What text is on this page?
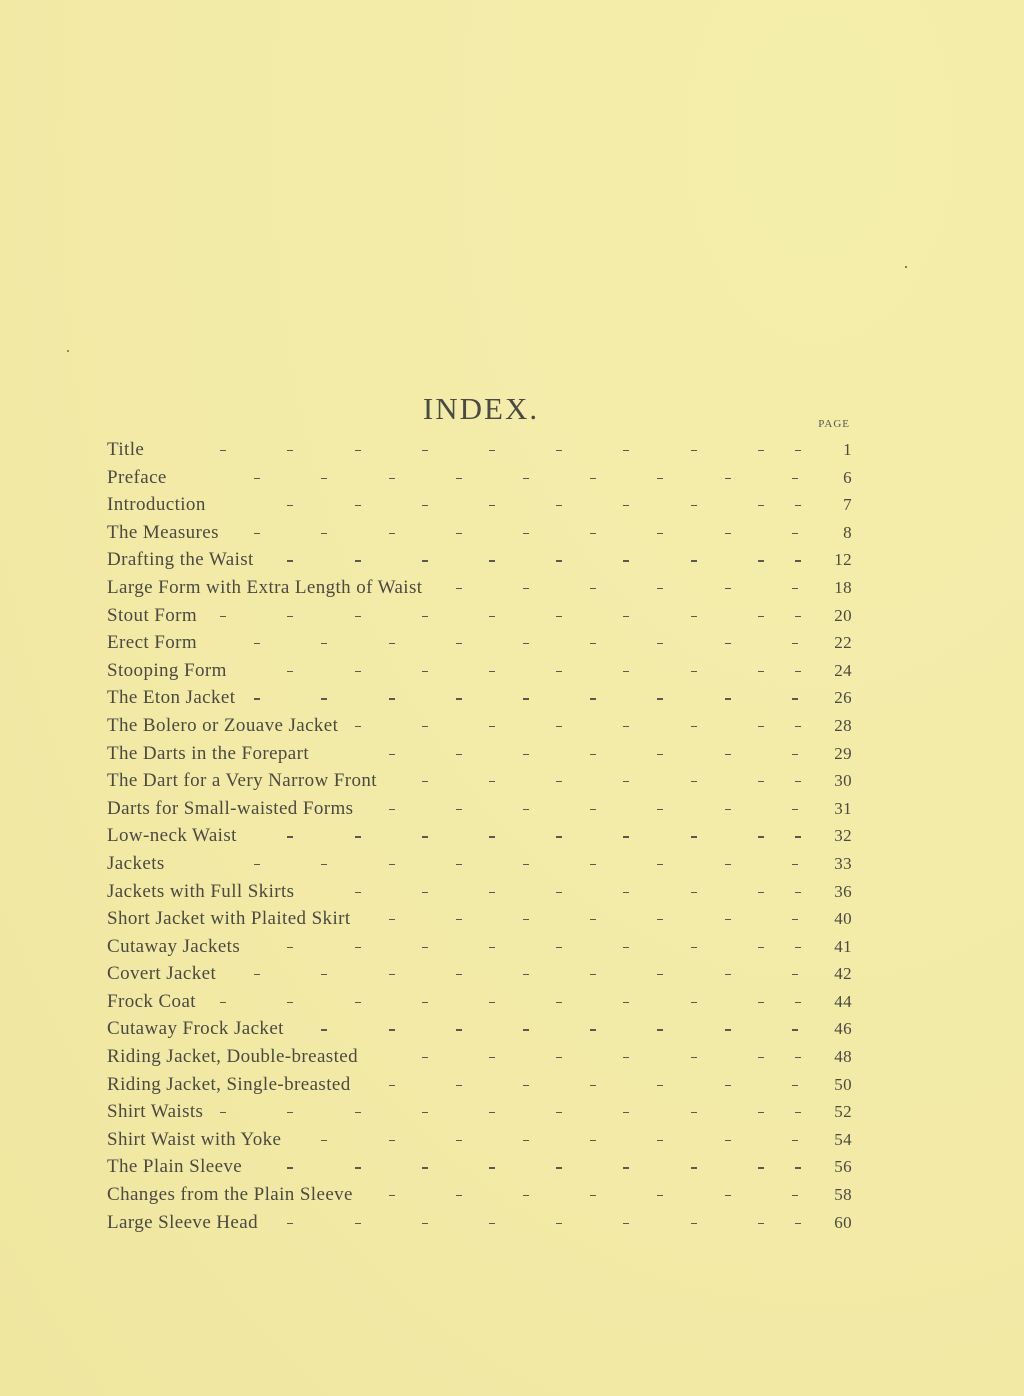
INDEX.	PAGE
Title	1
Preface	6
Introduction	7
The Measures	8
Drafting the Waist	12
Large Form with Extra Length of Waist	18
Stout Form	20
Erect Form	22
Stooping Form	24
The Eton Jacket	26
The Bolero or Zouave Jacket	28
The Darts in the Forepart	29
The Dart for a Very Narrow Front	30
Darts for Small-waisted Forms	31
Low-neck Waist	32
Jackets	33
Jackets with Full Skirts	36
Short Jacket with Plaited Skirt	40
Cutaway Jackets	41
Covert Jacket	42
Frock Coat	44
Cutaway Frock Jacket	46
Riding Jacket, Double-breasted	48
Riding Jacket, Single-breasted	50
Shirt Waists	52
Shirt Waist with Yoke	54
The Plain Sleeve	56
Changes from the Plain Sleeve	58
Large Sleeve Head	60
